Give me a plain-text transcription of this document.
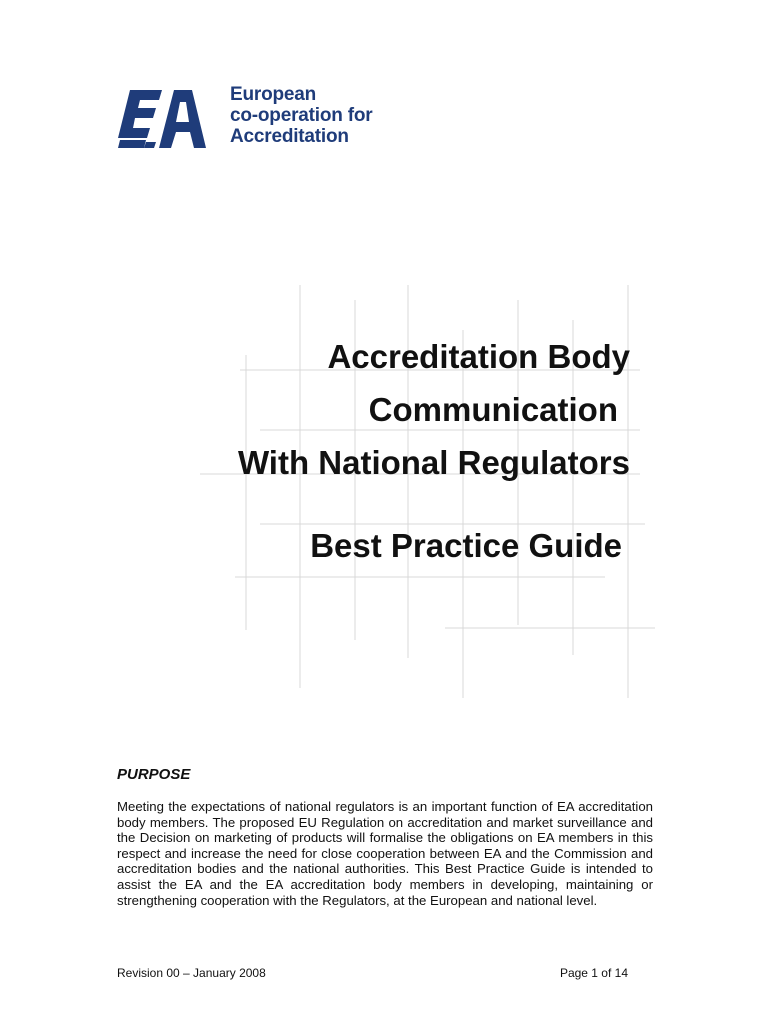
European
co-operation for
Accreditation
Accreditation Body
Communication
With National Regulators
Best Practice Guide
PURPOSE

Meeting the expectations of national regulators is an important function of EA accreditation body members. The proposed EU Regulation on accreditation and market surveillance and the Decision on marketing of products will formalise the obligations on EA members in this respect and increase the need for close cooperation between EA and the Commission and accreditation bodies and the national authorities. This Best Practice Guide is intended to assist the EA and the EA accreditation body members in developing, maintaining or strengthening cooperation with the Regulators, at the European and national level.

Revision 00 – January 2008	Page 1 of 14
